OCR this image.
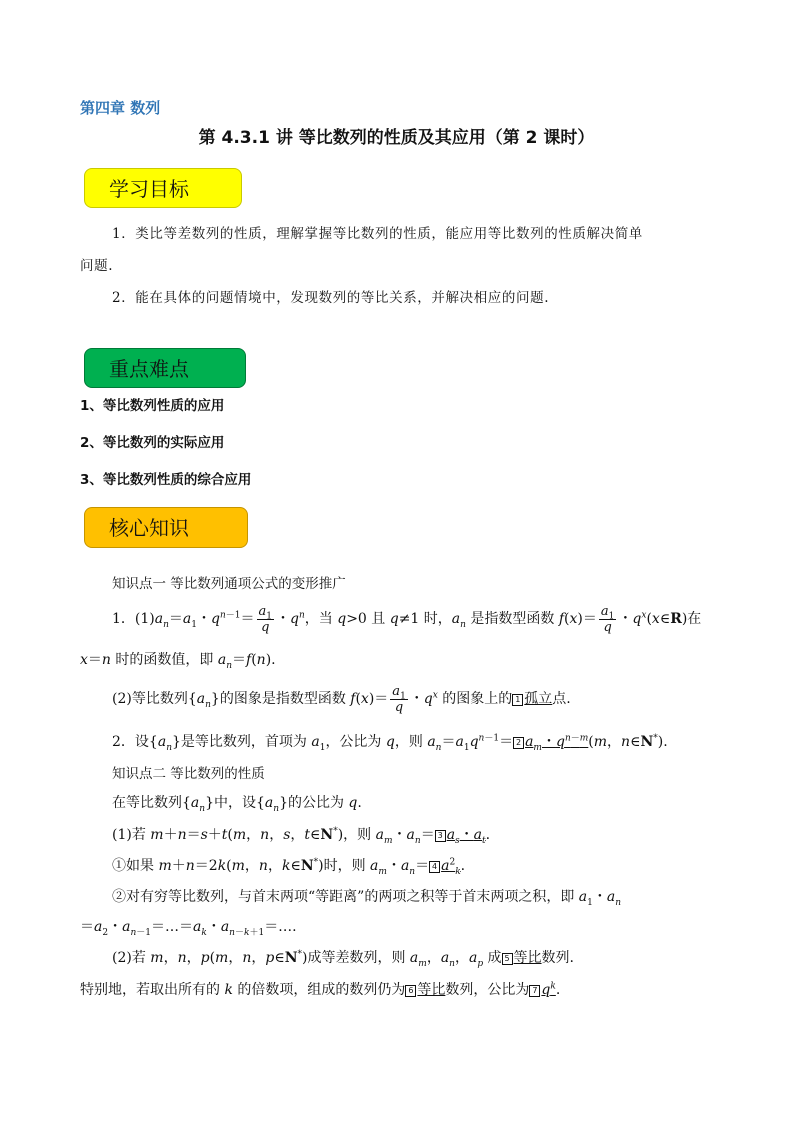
第四章 数列
第 4.3.1 讲 等比数列的性质及其应用（第 2 课时）
学习目标
1．类比等差数列的性质，理解掌握等比数列的性质，能应用等比数列的性质解决简单
问题.
2．能在具体的问题情境中，发现数列的等比关系，并解决相应的问题.
重点难点
1、等比数列性质的应用
2、等比数列的实际应用
3、等比数列性质的综合应用
核心知识
知识点一 等比数列通项公式的变形推广
1．$(1)a_n=a_1$・$q^{n-1}= \frac{a_1}{q}$ ・$q^n$，当 q>0 且 q≠1 时，$a_n$ 是指数型函数 $f(x)= \frac{a_1}{q}$ ・$q^x(x\in R)$在
x＝n 时的函数值，即 $a_n=f(n)$.
(2)等比数列$\{a_n\}$的图象是指数型函数 $f(x)= \frac{a_1}{q}$ ・$q^x$ 的图象上的 1 孤立点.
2．设$\{a_n\}$是等比数列，首项为 $a_1$，公比为 q，则 $a_n=a_1q^{n-1}= 2$ $a_m$・$q^{n-m}(m$，n∈N*).
知识点二 等比数列的性质
在等比数列$\{a_n\}$中，设$\{a_n\}$的公比为 q.
(1)若 m＋n＝s＋t(m，n，s，t∈N*)，则 $a_m$・$a_n= 3$ $a_s$・$a_t$.
①如果 m＋n＝2k(m，n，k∈N*)时，则 $a_m$・$a_n= 4$ $a^2_k$.
②对有穷等比数列，与首末两项“等距离”的两项之积等于首末两项之积，即 $a_1$・$a_n$
$=a_2$・$a_{n-1}=\dots=a_k$・$a_{n-k+1}=\dots$.
(2)若 m，n，p(m，n，p∈N*)成等差数列，则 $a_m$，$a_n$，$a_p$ 成 5 等比数列.
特别地，若取出所有的 k 的倍数项，组成的数列仍为 6 等比数列，公比为 7 $q^k$.
